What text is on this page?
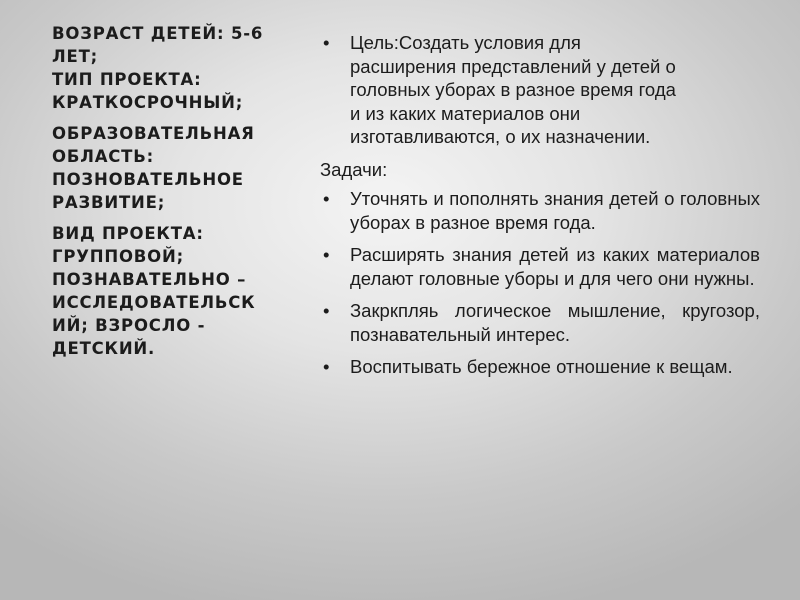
ВОЗРАСТ ДЕТЕЙ: 5-6
ЛЕТ;
ТИП ПРОЕКТА:
КРАТКОСРОЧНЫЙ;
ОБРАЗОВАТЕЛЬНАЯ
ОБЛАСТЬ:
ПОЗНОВАТЕЛЬНОЕ
РАЗВИТИЕ;
ВИД ПРОЕКТА:
ГРУППОВОЙ;
ПОЗНАВАТЕЛЬНО –
ИССЛЕДОВАТЕЛЬСК
ИЙ; ВЗРОСЛО -
ДЕТСКИЙ.
• Цель:Создать условия для
расширения представлений у детей о
головных уборах в разное время года
и из каких материалов они
изготавливаются, о их назначении.
Задачи:
• Уточнять и пополнять знания детей о головных уборах в разное время года.
• Расширять знания детей из каких материалов делают головные уборы и для чего они нужны.
• Закркпляь логическое мышление, кругозор, познавательный интерес.
• Воспитывать бережное отношение к вещам.
